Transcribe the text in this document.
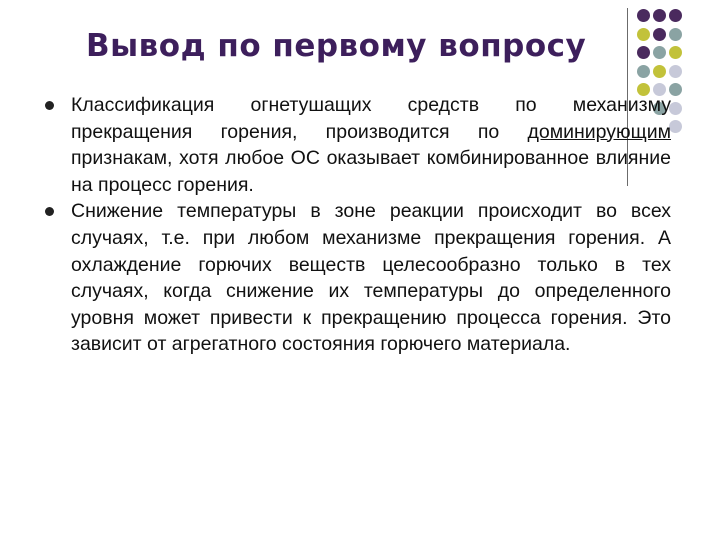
Вывод по первому вопросу
Классификация огнетушащих средств по механизму прекращения горения, производится по доминирующим признакам, хотя любое ОС оказывает комбинированное влияние на процесс горения.
Снижение температуры в зоне реакции происходит во всех случаях, т.е. при любом механизме прекращения горения. А охлаждение горючих веществ целесообразно только в тех случаях, когда снижение их температуры до определенного уровня может привести к прекращению процесса горения. Это зависит от агрегатного состояния горючего материала.
